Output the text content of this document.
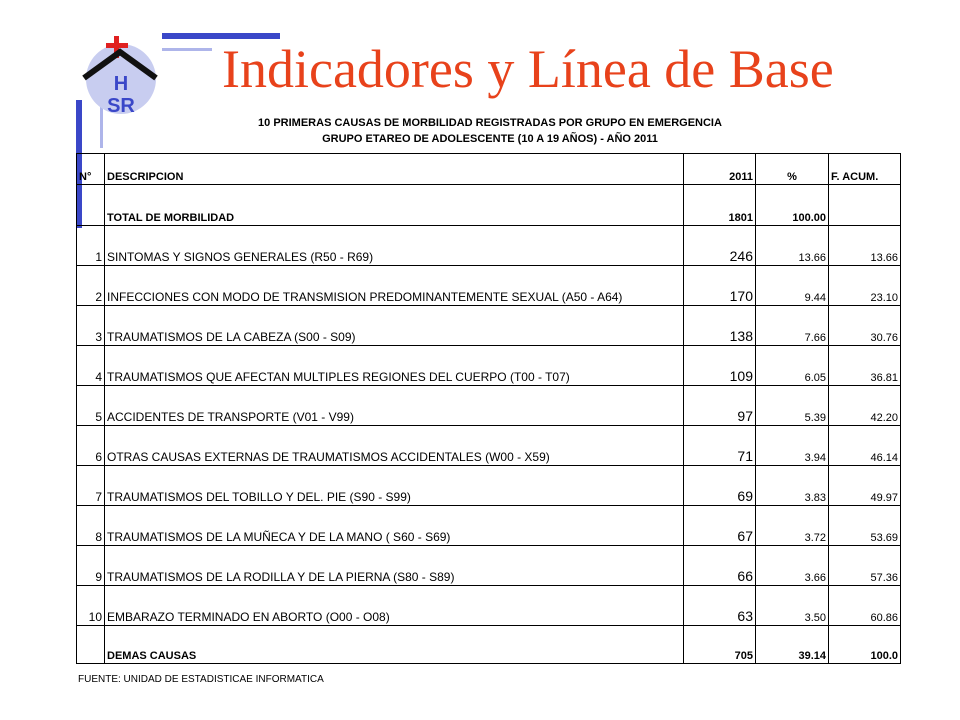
H
SR
Indicadores y Línea de Base
10 PRIMERAS CAUSAS DE MORBILIDAD REGISTRADAS POR GRUPO EN EMERGENCIA
GRUPO ETAREO DE ADOLESCENTE (10 A 19 AÑOS) - AÑO 2011
N°	DESCRIPCION	2011	%	F. ACUM.
	TOTAL DE MORBILIDAD	1801	100.00	
1	SINTOMAS Y SIGNOS GENERALES (R50 - R69)	246	13.66	13.66
2	INFECCIONES CON MODO DE TRANSMISION PREDOMINANTEMENTE SEXUAL (A50 - A64)	170	9.44	23.10
3	TRAUMATISMOS DE LA CABEZA (S00 - S09)	138	7.66	30.76
4	TRAUMATISMOS QUE AFECTAN MULTIPLES REGIONES DEL CUERPO (T00 - T07)	109	6.05	36.81
5	ACCIDENTES DE TRANSPORTE (V01 - V99)	97	5.39	42.20
6	OTRAS CAUSAS EXTERNAS DE TRAUMATISMOS ACCIDENTALES (W00 - X59)	71	3.94	46.14
7	TRAUMATISMOS DEL TOBILLO Y DEL. PIE (S90 - S99)	69	3.83	49.97
8	TRAUMATISMOS DE LA MUÑECA Y DE LA MANO ( S60 - S69)	67	3.72	53.69
9	TRAUMATISMOS DE LA RODILLA Y DE LA PIERNA (S80 - S89)	66	3.66	57.36
10	EMBARAZO TERMINADO EN ABORTO (O00 - O08)	63	3.50	60.86
	DEMAS CAUSAS	705	39.14	100.0
FUENTE: UNIDAD DE ESTADISTICAE INFORMATICA
